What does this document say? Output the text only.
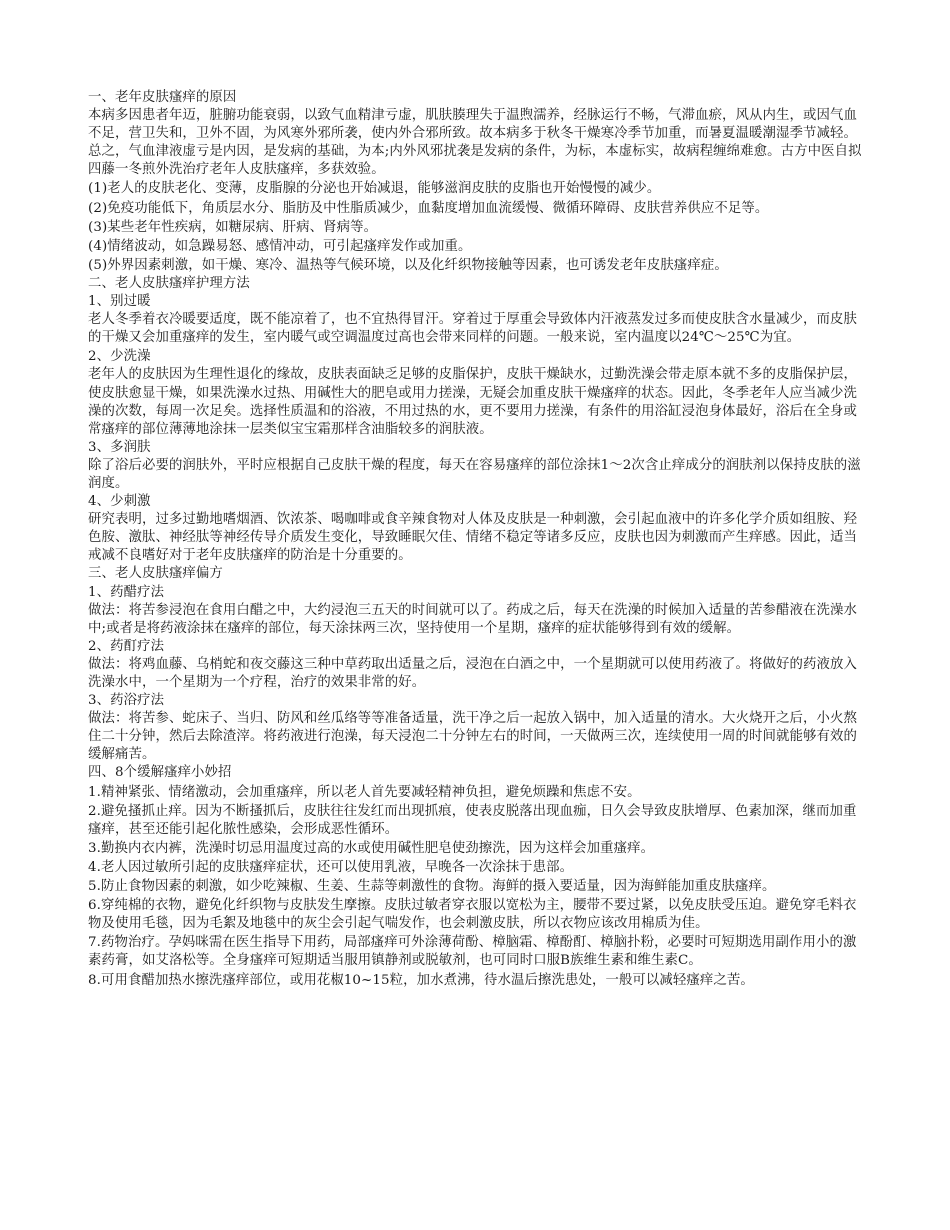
一、老年皮肤瘙痒的原因

本病多因患者年迈，脏腑功能衰弱，以致气血精津亏虚，肌肤腠理失于温煦濡养，经脉运行不畅，气滞血瘀，风从内生，或因气血不足，营卫失和，卫外不固，为风寒外邪所袭，使内外合邪所致。故本病多于秋冬干燥寒冷季节加重，而暑夏温暖潮湿季节减轻。总之，气血津液虚亏是内因，是发病的基础，为本;内外风邪扰袭是发病的条件，为标，本虚标实，故病程缠绵难愈。古方中医自拟四藤一冬煎外洗治疗老年人皮肤瘙痒，多获效验。

(1)老人的皮肤老化、变薄，皮脂腺的分泌也开始减退，能够滋润皮肤的皮脂也开始慢慢的减少。

(2)免疫功能低下，角质层水分、脂肪及中性脂质减少，血黏度增加血流缓慢、微循环障碍、皮肤营养供应不足等。

(3)某些老年性疾病，如糖尿病、肝病、肾病等。

(4)情绪波动，如急躁易怒、感情冲动，可引起瘙痒发作或加重。

(5)外界因素刺激，如干燥、寒冷、温热等气候环境，以及化纤织物接触等因素，也可诱发老年皮肤瘙痒症。

二、老人皮肤瘙痒护理方法

1、别过暖

老人冬季着衣冷暖要适度，既不能凉着了，也不宜热得冒汗。穿着过于厚重会导致体内汗液蒸发过多而使皮肤含水量减少，而皮肤的干燥又会加重瘙痒的发生，室内暖气或空调温度过高也会带来同样的问题。一般来说，室内温度以24℃～25℃为宜。

2、少洗澡

老年人的皮肤因为生理性退化的缘故，皮肤表面缺乏足够的皮脂保护，皮肤干燥缺水，过勤洗澡会带走原本就不多的皮脂保护层，使皮肤愈显干燥，如果洗澡水过热、用碱性大的肥皂或用力搓澡，无疑会加重皮肤干燥瘙痒的状态。因此，冬季老年人应当减少洗澡的次数，每周一次足矣。选择性质温和的浴液，不用过热的水，更不要用力搓澡，有条件的用浴缸浸泡身体最好，浴后在全身或常瘙痒的部位薄薄地涂抹一层类似宝宝霜那样含油脂较多的润肤液。

3、多润肤

除了浴后必要的润肤外，平时应根据自己皮肤干燥的程度，每天在容易瘙痒的部位涂抹1～2次含止痒成分的润肤剂以保持皮肤的滋润度。

4、少刺激

研究表明，过多过勤地嗜烟酒、饮浓茶、喝咖啡或食辛辣食物对人体及皮肤是一种刺激，会引起血液中的许多化学介质如组胺、羟色胺、激肽、神经肽等神经传导介质发生变化，导致睡眠欠佳、情绪不稳定等诸多反应，皮肤也因为刺激而产生痒感。因此，适当戒减不良嗜好对于老年皮肤瘙痒的防治是十分重要的。

三、老人皮肤瘙痒偏方

1、药醋疗法

做法：将苦参浸泡在食用白醋之中，大约浸泡三五天的时间就可以了。药成之后，每天在洗澡的时候加入适量的苦参醋液在洗澡水中;或者是将药液涂抹在瘙痒的部位，每天涂抹两三次，坚持使用一个星期，瘙痒的症状能够得到有效的缓解。

2、药酊疗法

做法：将鸡血藤、乌梢蛇和夜交藤这三种中草药取出适量之后，浸泡在白酒之中，一个星期就可以使用药液了。将做好的药液放入洗澡水中，一个星期为一个疗程，治疗的效果非常的好。

3、药浴疗法

做法：将苦参、蛇床子、当归、防风和丝瓜络等等准备适量，洗干净之后一起放入锅中，加入适量的清水。大火烧开之后，小火熬住二十分钟，然后去除渣滓。将药液进行泡澡，每天浸泡二十分钟左右的时间，一天做两三次，连续使用一周的时间就能够有效的缓解痛苦。

四、8个缓解瘙痒小妙招

1.精神紧张、情绪激动，会加重瘙痒，所以老人首先要减轻精神负担，避免烦躁和焦虑不安。

2.避免搔抓止痒。因为不断搔抓后，皮肤往往发红而出现抓痕，使表皮脱落出现血痂，日久会导致皮肤增厚、色素加深，继而加重瘙痒，甚至还能引起化脓性感染，会形成恶性循环。

3.勤换内衣内裤，洗澡时切忌用温度过高的水或使用碱性肥皂使劲擦洗，因为这样会加重瘙痒。

4.老人因过敏所引起的皮肤瘙痒症状，还可以使用乳液，早晚各一次涂抹于患部。

5.防止食物因素的刺激，如少吃辣椒、生姜、生蒜等刺激性的食物。海鲜的摄入要适量，因为海鲜能加重皮肤瘙痒。

6.穿纯棉的衣物，避免化纤织物与皮肤发生摩擦。皮肤过敏者穿衣服以宽松为主，腰带不要过紧，以免皮肤受压迫。避免穿毛料衣物及使用毛毯，因为毛絮及地毯中的灰尘会引起气喘发作，也会刺激皮肤，所以衣物应该改用棉质为佳。

7.药物治疗。孕妈咪需在医生指导下用药，局部瘙痒可外涂薄荷酚、樟脑霜、樟酚酊、樟脑扑粉，必要时可短期选用副作用小的激素药膏，如艾洛松等。全身瘙痒可短期适当服用镇静剂或脱敏剂，也可同时口服B族维生素和维生素C。

8.可用食醋加热水擦洗瘙痒部位，或用花椒10~15粒，加水煮沸，待水温后擦洗患处，一般可以减轻瘙痒之苦。
